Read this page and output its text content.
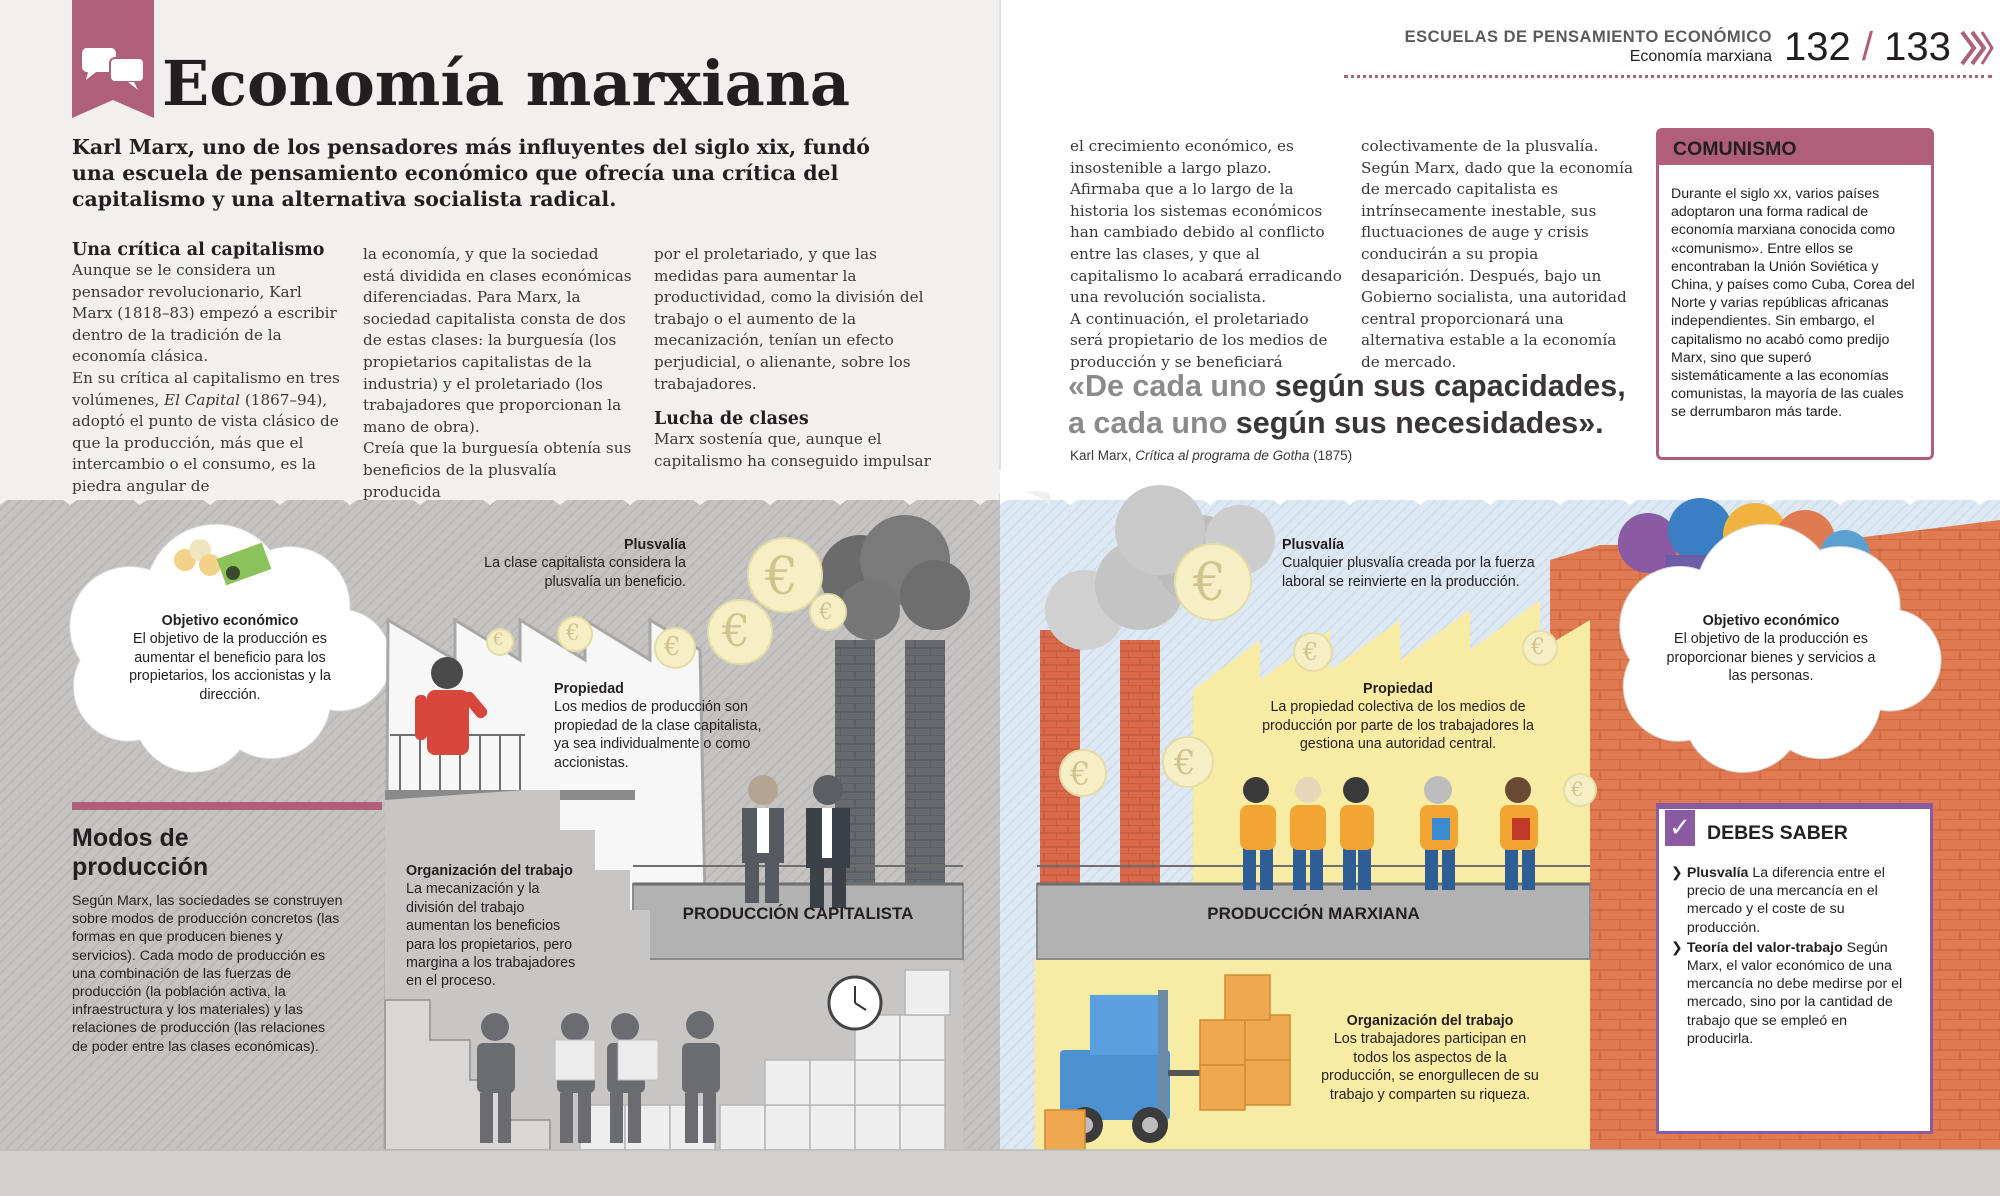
€	€	€ €
€
€	€
€
€
€
€
€
Economía marxiana
Karl Marx, uno de los pensadores más influyentes del siglo xix, fundó una escuela de pensamiento económico que ofrecía una crítica del capitalismo y una alternativa socialista radical.
ESCUELAS DE PENSAMIENTO ECONÓMICO
Economía marxiana 132 / 133

Una crítica al capitalismo

Aunque se le considera un pensador revolucionario, Karl Marx (1818–83) empezó a escribir dentro de la tradición de la economía clásica.

En su crítica al capitalismo en tres volúmenes, El Capital (1867–94), adoptó el punto de vista clásico de que la producción, más que el intercambio o el consumo, es la piedra angular de

la economía, y que la sociedad está dividida en clases económicas diferenciadas. Para Marx, la sociedad capitalista consta de dos de estas clases: la burguesía (los propietarios capitalistas de la industria) y el proletariado (los trabajadores que proporcionan la mano de obra).

Creía que la burguesía obtenía sus beneficios de la plusvalía producida

por el proletariado, y que las medidas para aumentar la productividad, como la división del trabajo o el aumento de la mecanización, tenían un efecto perjudicial, o alienante, sobre los trabajadores.

Lucha de clases

Marx sostenía que, aunque el capitalismo ha conseguido impulsar

el crecimiento económico, es insostenible a largo plazo. Afirmaba que a lo largo de la historia los sistemas económicos han cambiado debido al conflicto entre las clases, y que al capitalismo lo acabará erradicando una revolución socialista.

A continuación, el proletariado será propietario de los medios de producción y se beneficiará

colectivamente de la plusvalía. Según Marx, dado que la economía de mercado capitalista es intrínsecamente inestable, sus fluctuaciones de auge y crisis conducirán a su propia desaparición. Después, bajo un Gobierno socialista, una autoridad central proporcionará una alternativa estable a la economía de mercado.

«De cada uno según sus capacidades,
a cada uno según sus necesidades».
Karl Marx, Crítica al programa de Gotha (1875)
COMUNISMO
Durante el siglo xx, varios países adoptaron una forma radical de economía marxiana conocida como «comunismo». Entre ellos se encontraban la Unión Soviética y China, y países como Cuba, Corea del Norte y varias repúblicas africanas independientes. Sin embargo, el capitalismo no acabó como predijo Marx, sino que superó sistemáticamente a las economías comunistas, la mayoría de las cuales se derrumbaron más tarde.
Modos de
producción
Según Marx, las sociedades se construyen sobre modos de producción concretos (las formas en que producen bienes y servicios). Cada modo de producción es una combinación de las fuerzas de producción (la población activa, la infraestructura y los materiales) y las relaciones de producción (las relaciones de poder entre las clases económicas).
Objetivo económico
El objetivo de la producción es aumentar el beneficio para los propietarios, los accionistas y la dirección.
Plusvalía
La clase capitalista considera la plusvalía un beneficio.
Propiedad
Los medios de producción son propiedad de la clase capitalista, ya sea individualmente o como accionistas.
Organización del trabajo
La mecanización y la división del trabajo aumentan los beneficios para los propietarios, pero margina a los trabajadores en el proceso.
PRODUCCIÓN CAPITALISTA
Plusvalía
Cualquier plusvalía creada por la fuerza laboral se reinvierte en la producción.
Propiedad
La propiedad colectiva de los medios de producción por parte de los trabajadores la gestiona una autoridad central.
Objetivo económico
El objetivo de la producción es proporcionar bienes y servicios a las personas.
Organización del trabajo
Los trabajadores participan en todos los aspectos de la producción, se enorgullecen de su trabajo y comparten su riqueza.
PRODUCCIÓN MARXIANA
✓ DEBES SABER
❯ Plusvalía La diferencia entre el precio de una mercancía en el mercado y el coste de su producción.
❯ Teoría del valor-trabajo Según Marx, el valor económico de una mercancía no debe medirse por el mercado, sino por la cantidad de trabajo que se empleó en producirla.
